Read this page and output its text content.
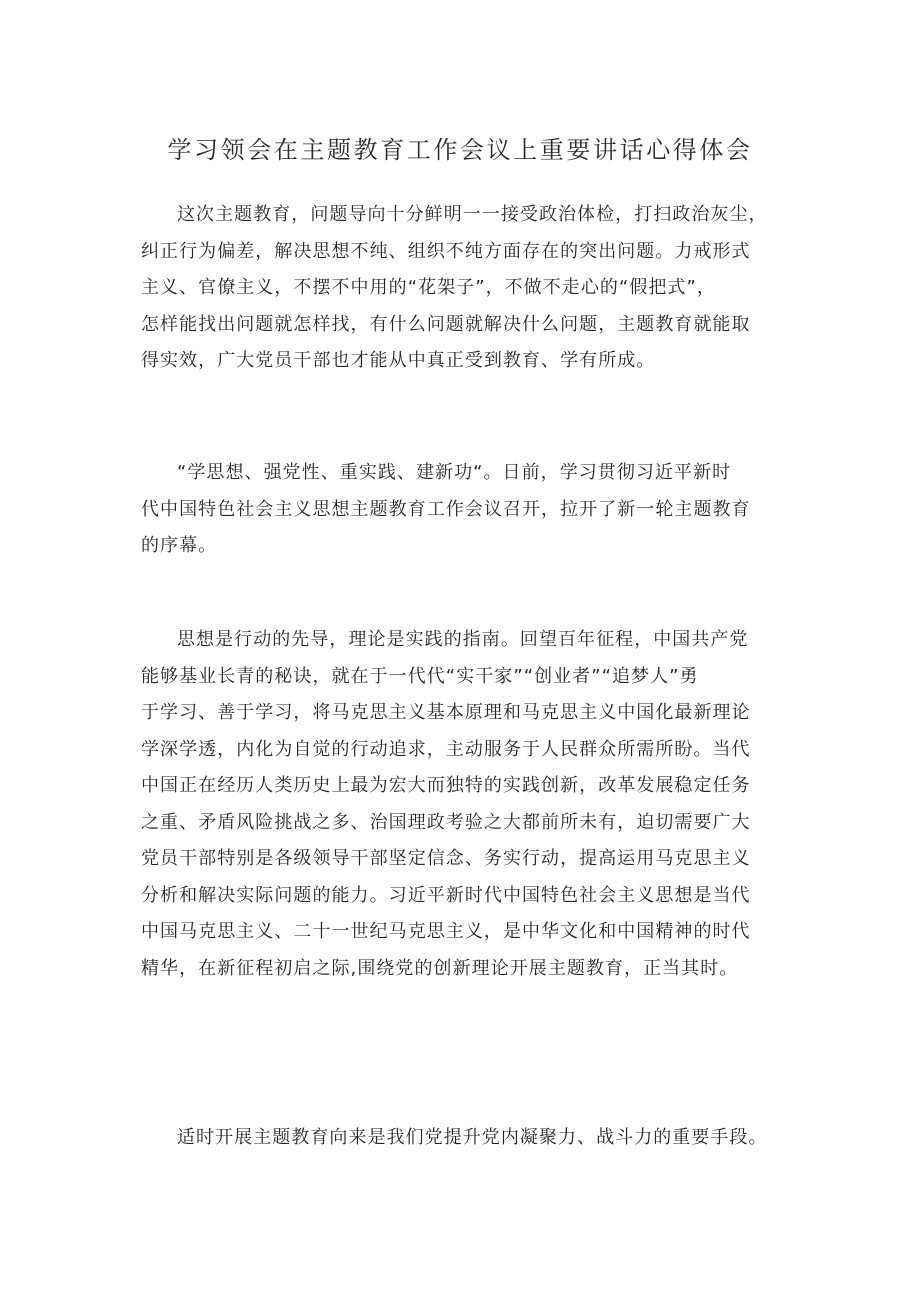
学习领会在主题教育工作会议上重要讲话心得体会

这次主题教育，问题导向十分鲜明一一接受政治体检，打扫政治灰尘，
纠正行为偏差，解决思想不纯、组织不纯方面存在的突出问题。力戒形式
主义、官僚主义，不摆不中用的“花架子”，不做不走心的“假把式”，
怎样能找出问题就怎样找，有什么问题就解决什么问题，主题教育就能取
得实效，广大党员干部也才能从中真正受到教育、学有所成。

“学思想、强党性、重实践、建新功“。日前，学习贯彻习近平新时
代中国特色社会主义思想主题教育工作会议召开，拉开了新一轮主题教育
的序幕。

思想是行动的先导，理论是实践的指南。回望百年征程，中国共产党
能够基业长青的秘诀，就在于一代代“实干家”“创业者”“追梦人”勇
于学习、善于学习，将马克思主义基本原理和马克思主义中国化最新理论
学深学透，内化为自觉的行动追求，主动服务于人民群众所需所盼。当代
中国正在经历人类历史上最为宏大而独特的实践创新，改革发展稳定任务
之重、矛盾风险挑战之多、治国理政考验之大都前所未有，迫切需要广大
党员干部特别是各级领导干部坚定信念、务实行动，提高运用马克思主义
分析和解决实际问题的能力。习近平新时代中国特色社会主义思想是当代
中国马克思主义、二十一世纪马克思主义，是中华文化和中国精神的时代
精华，在新征程初启之际,围绕党的创新理论开展主题教育，正当其时。

适时开展主题教育向来是我们党提升党内凝聚力、战斗力的重要手段。
